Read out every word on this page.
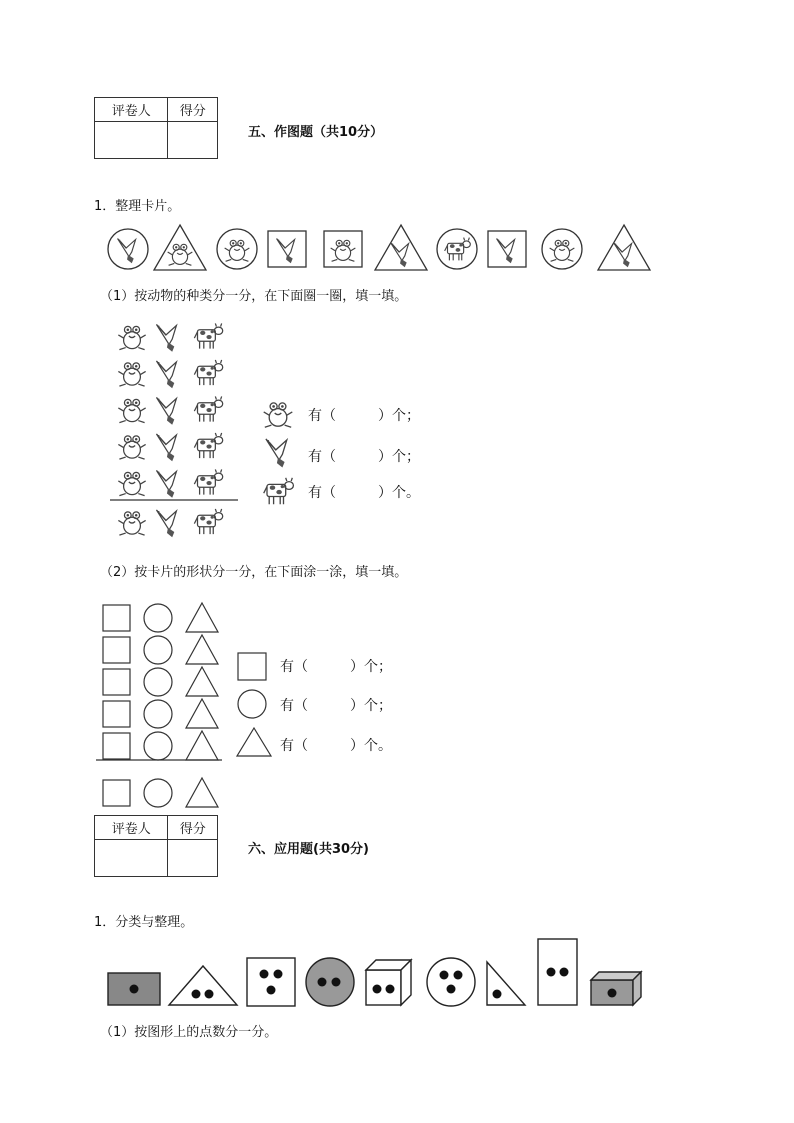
评卷人	得分

五、作图题（共10分）
1．整理卡片。
（1）按动物的种类分一分，在下面圈一圈，填一填。
有（　　　）个；
有（　　　）个；
有（　　　）个。
（2）按卡片的形状分一分，在下面涂一涂，填一填。
有（　　　）个；
有（　　　）个；
有（　　　）个。
评卷人	得分

六、应用题(共30分)
1．分类与整理。
（1）按图形上的点数分一分。
